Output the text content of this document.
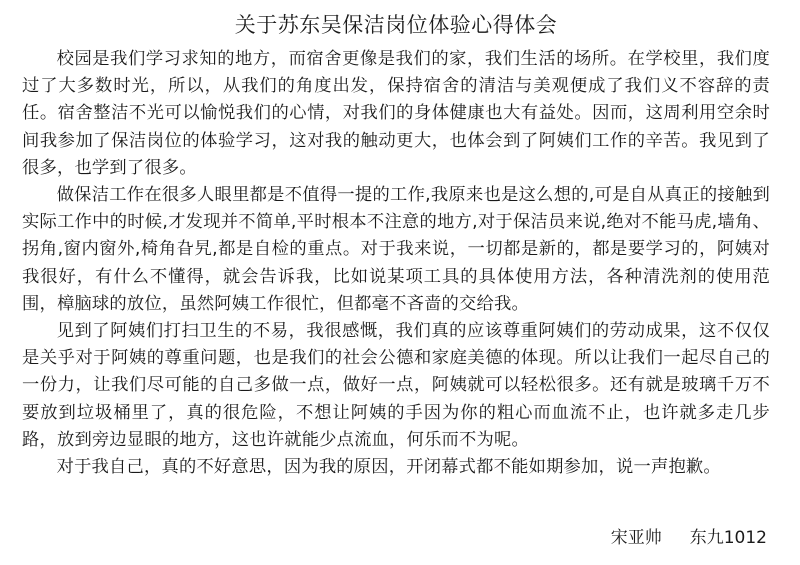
关于苏东吴保洁岗位体验心得体会

校园是我们学习求知的地方，而宿舍更像是我们的家，我们生活的场所。在学校里，我们度过了大多数时光，所以，从我们的角度出发，保持宿舍的清洁与美观便成了我们义不容辞的责任。宿舍整洁不光可以愉悦我们的心情，对我们的身体健康也大有益处。因而，这周利用空余时间我参加了保洁岗位的体验学习，这对我的触动更大，也体会到了阿姨们工作的辛苦。我见到了很多，也学到了很多。

做保洁工作在很多人眼里都是不值得一提的工作,我原来也是这么想的,可是自从真正的接触到实际工作中的时候,才发现并不简单,平时根本不注意的地方,对于保洁员来说,绝对不能马虎,墙角、拐角,窗内窗外,椅角旮旯,都是自检的重点。对于我来说，一切都是新的，都是要学习的，阿姨对我很好，有什么不懂得，就会告诉我，比如说某项工具的具体使用方法，各种清洗剂的使用范围，樟脑球的放位，虽然阿姨工作很忙，但都毫不吝啬的交给我。

见到了阿姨们打扫卫生的不易，我很感慨，我们真的应该尊重阿姨们的劳动成果，这不仅仅是关乎对于阿姨的尊重问题，也是我们的社会公德和家庭美德的体现。所以让我们一起尽自己的一份力，让我们尽可能的自己多做一点，做好一点，阿姨就可以轻松很多。还有就是玻璃千万不要放到垃圾桶里了，真的很危险，不想让阿姨的手因为你的粗心而血流不止，也许就多走几步路，放到旁边显眼的地方，这也许就能少点流血，何乐而不为呢。

对于我自己，真的不好意思，因为我的原因，开闭幕式都不能如期参加，说一声抱歉。

宋亚帅 东九1012
